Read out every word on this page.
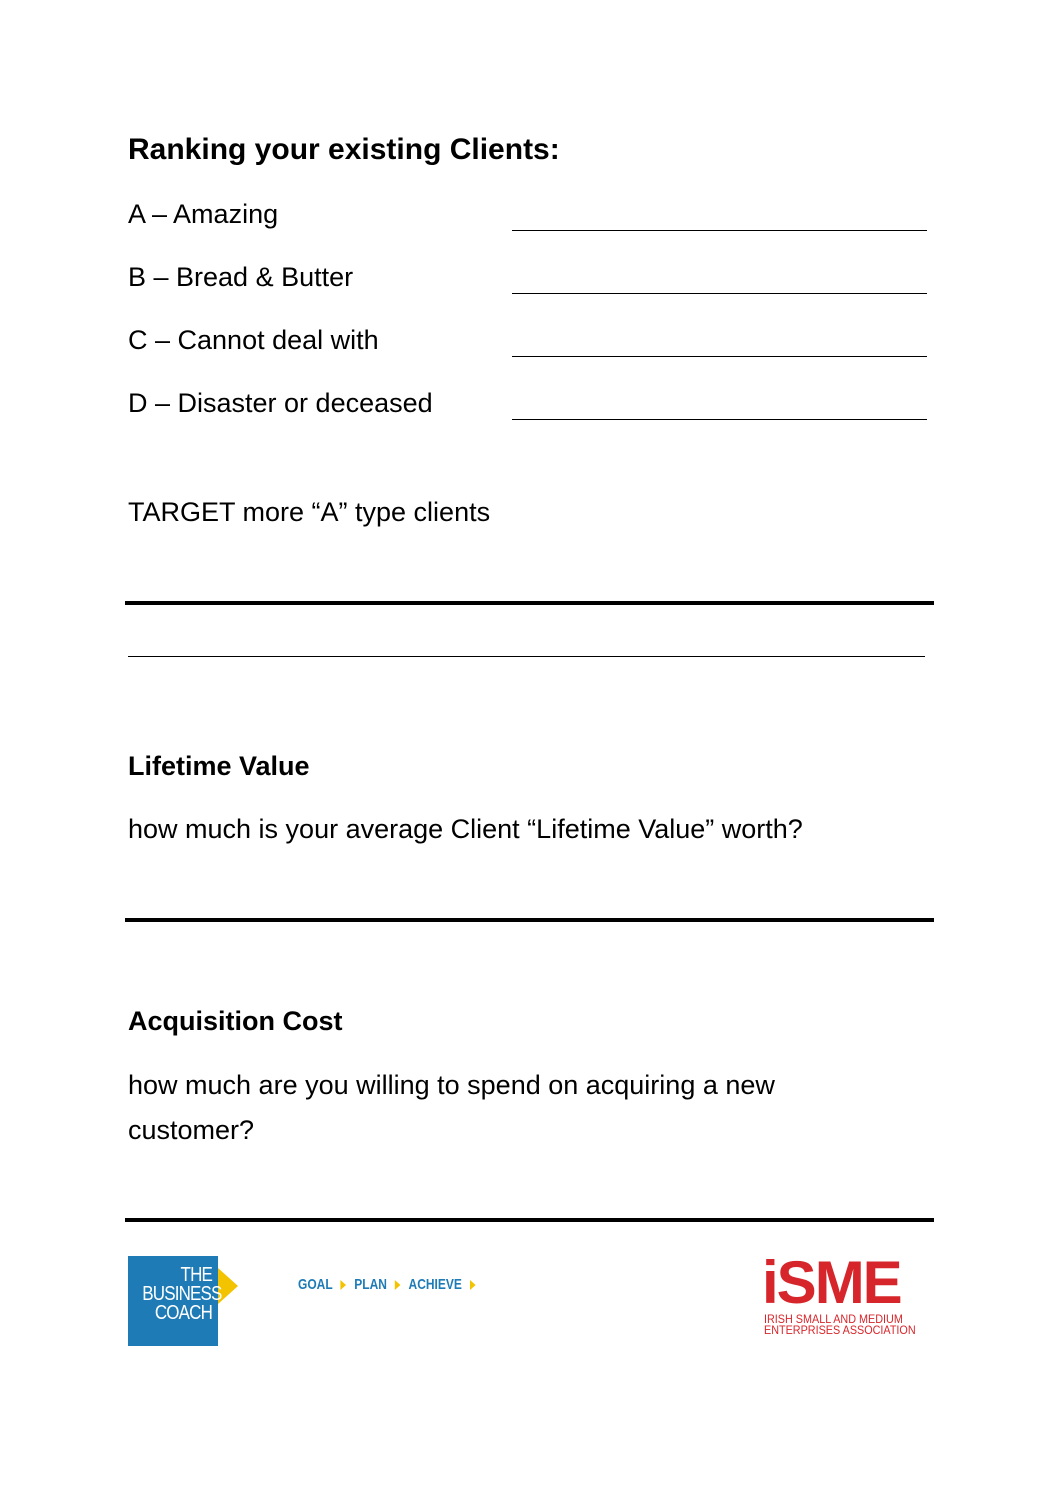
Ranking your existing Clients:
A – Amazing
B – Bread & Butter
C – Cannot deal with
D – Disaster or deceased
TARGET more “A” type clients
Lifetime Value
how much is your average Client “Lifetime Value” worth?
Acquisition Cost
how much are you willing to spend on acquiring a new customer?
THE
BUSINESS
COACH
GOAL PLAN ACHIEVE	iSME
IRISH SMALL AND MEDIUM
ENTERPRISES ASSOCIATION
